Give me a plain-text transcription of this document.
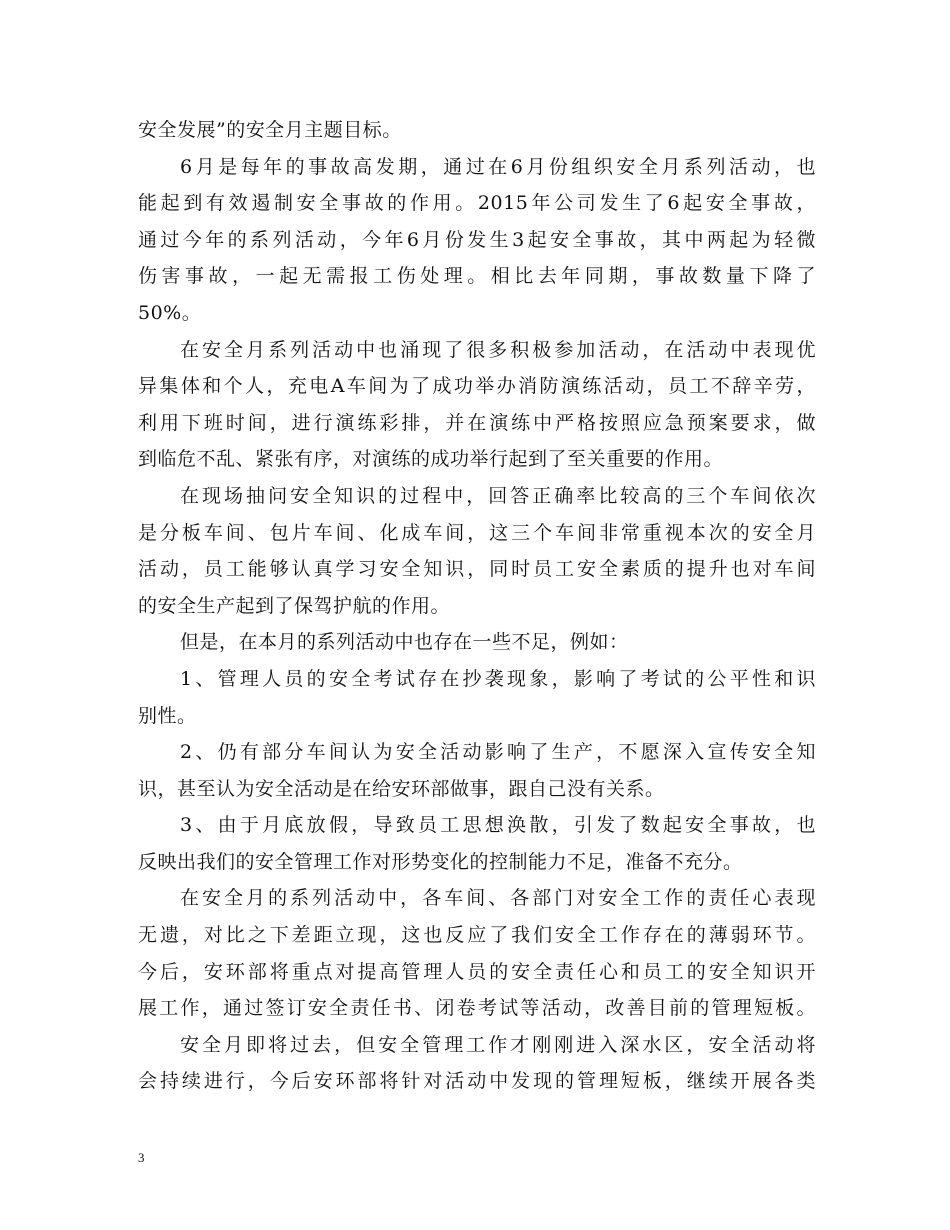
安全发展”的安全月主题目标。
6月是每年的事故高发期，通过在6月份组织安全月系列活动，也
能起到有效遏制安全事故的作用。2015年公司发生了6起安全事故，
通过今年的系列活动，今年6月份发生3起安全事故，其中两起为轻微
伤害事故，一起无需报工伤处理。相比去年同期，事故数量下降了
50%。
在安全月系列活动中也涌现了很多积极参加活动，在活动中表现优
异集体和个人，充电A车间为了成功举办消防演练活动，员工不辞辛劳，
利用下班时间，进行演练彩排，并在演练中严格按照应急预案要求，做
到临危不乱、紧张有序，对演练的成功举行起到了至关重要的作用。
在现场抽问安全知识的过程中，回答正确率比较高的三个车间依次
是分板车间、包片车间、化成车间，这三个车间非常重视本次的安全月
活动，员工能够认真学习安全知识，同时员工安全素质的提升也对车间
的安全生产起到了保驾护航的作用。
但是，在本月的系列活动中也存在一些不足，例如：
1、管理人员的安全考试存在抄袭现象，影响了考试的公平性和识
别性。
2、仍有部分车间认为安全活动影响了生产，不愿深入宣传安全知
识，甚至认为安全活动是在给安环部做事，跟自己没有关系。
3、由于月底放假，导致员工思想涣散，引发了数起安全事故，也
反映出我们的安全管理工作对形势变化的控制能力不足，准备不充分。
在安全月的系列活动中，各车间、各部门对安全工作的责任心表现
无遗，对比之下差距立现，这也反应了我们安全工作存在的薄弱环节。
今后，安环部将重点对提高管理人员的安全责任心和员工的安全知识开
展工作，通过签订安全责任书、闭卷考试等活动，改善目前的管理短板。
安全月即将过去，但安全管理工作才刚刚进入深水区，安全活动将
会持续进行，今后安环部将针对活动中发现的管理短板，继续开展各类
3
